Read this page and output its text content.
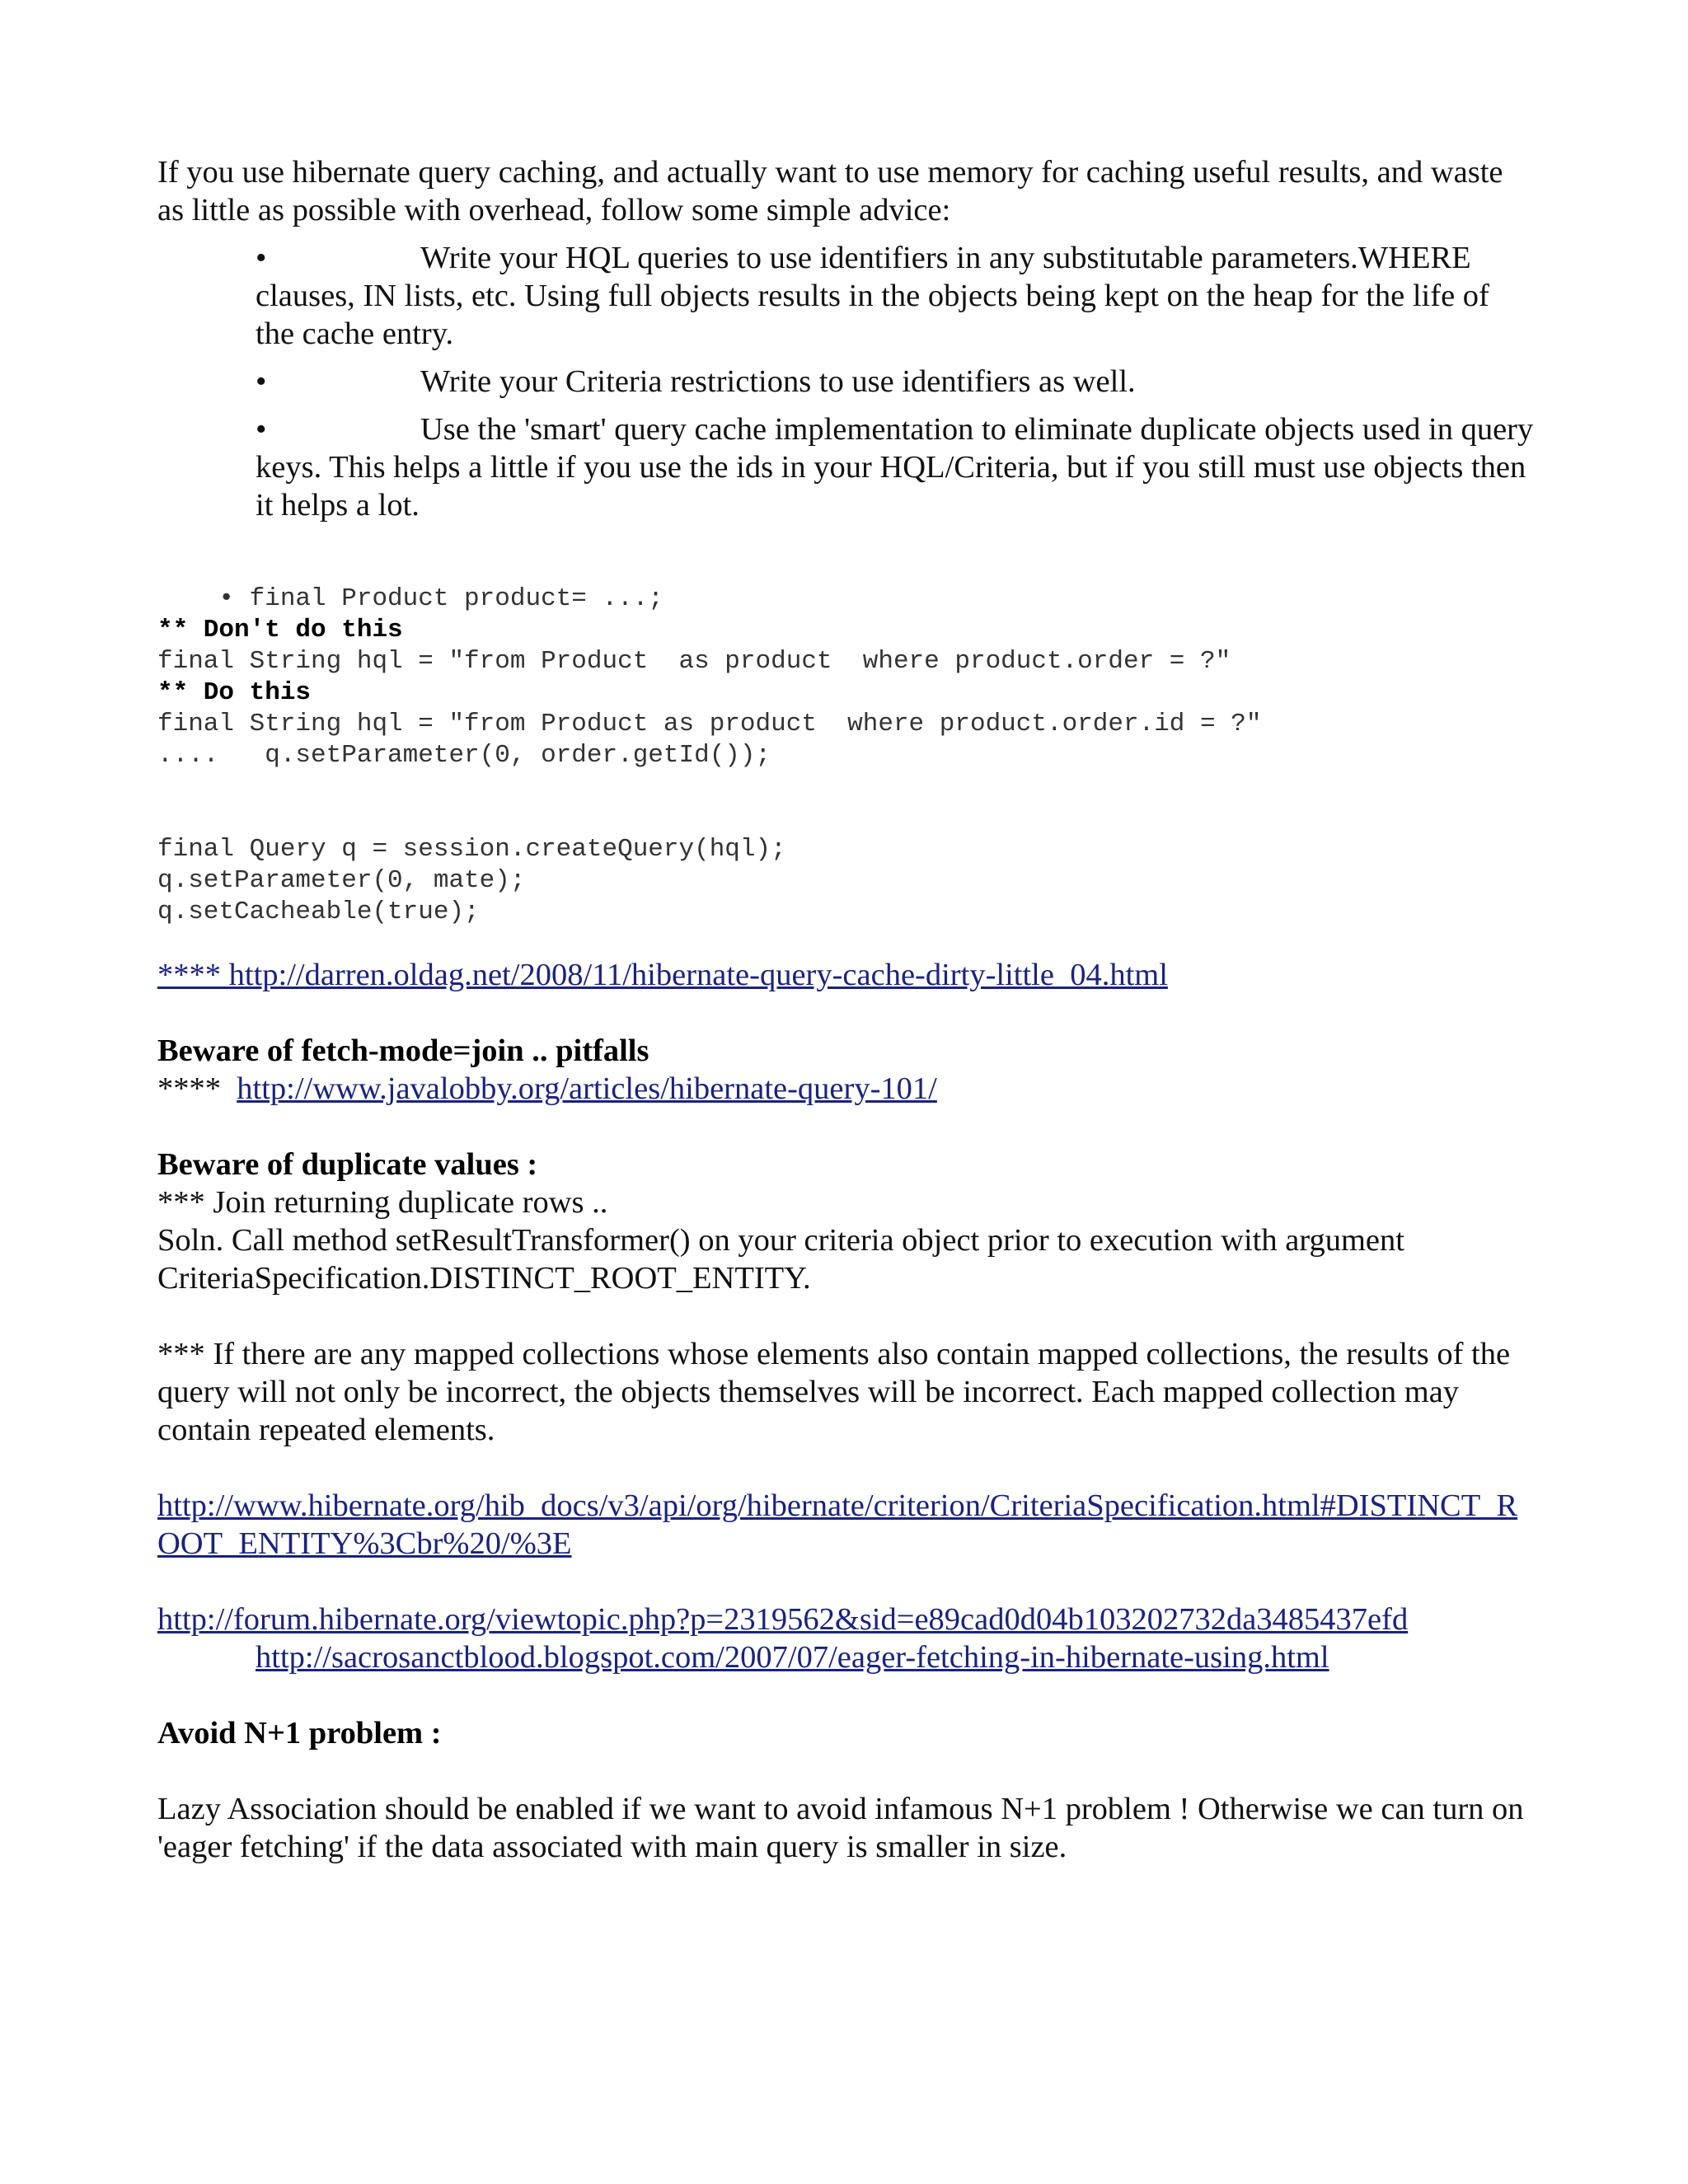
If you use hibernate query caching, and actually want to use memory for caching useful results, and waste as little as possible with overhead, follow some simple advice:

•	Write your HQL queries to use identifiers in any substitutable parameters.WHERE clauses, IN lists, etc. Using full objects results in the objects being kept on the heap for the life of the cache entry.
•	Write your Criteria restrictions to use identifiers as well.
•	Use the 'smart' query cache implementation to eliminate duplicate objects used in query keys. This helps a little if you use the ids in your HQL/Criteria, but if you still must use objects then it helps a lot.
• final Product product= ...;
** Don't do this
final String hql = "from Product  as product  where product.order = ?"
** Do this
final String hql = "from Product as product  where product.order.id = ?"
....   q.setParameter(0, order.getId());
final Query q = session.createQuery(hql);
q.setParameter(0, mate);
q.setCacheable(true);

**** http://darren.oldag.net/2008/11/hibernate-query-cache-dirty-little_04.html

Beware of fetch-mode=join .. pitfalls

****  http://www.javalobby.org/articles/hibernate-query-101/

Beware of duplicate values :

*** Join returning duplicate rows ..

Soln. Call method setResultTransformer() on your criteria object prior to execution with argument CriteriaSpecification.DISTINCT_ROOT_ENTITY.

*** If there are any mapped collections whose elements also contain mapped collections, the results of the query will not only be incorrect, the objects themselves will be incorrect. Each mapped collection may contain repeated elements.

http://www.hibernate.org/hib_docs/v3/api/org/hibernate/criterion/CriteriaSpecification.html#DISTINCT_ROOT_ENTITY%3Cbr%20/%3E

http://forum.hibernate.org/viewtopic.php?p=2319562&sid=e89cad0d04b103202732da3485437efd

http://sacrosanctblood.blogspot.com/2007/07/eager-fetching-in-hibernate-using.html

Avoid N+1 problem :

Lazy Association should be enabled if we want to avoid infamous N+1 problem ! Otherwise we can turn on 'eager fetching' if the data associated with main query is smaller in size.
